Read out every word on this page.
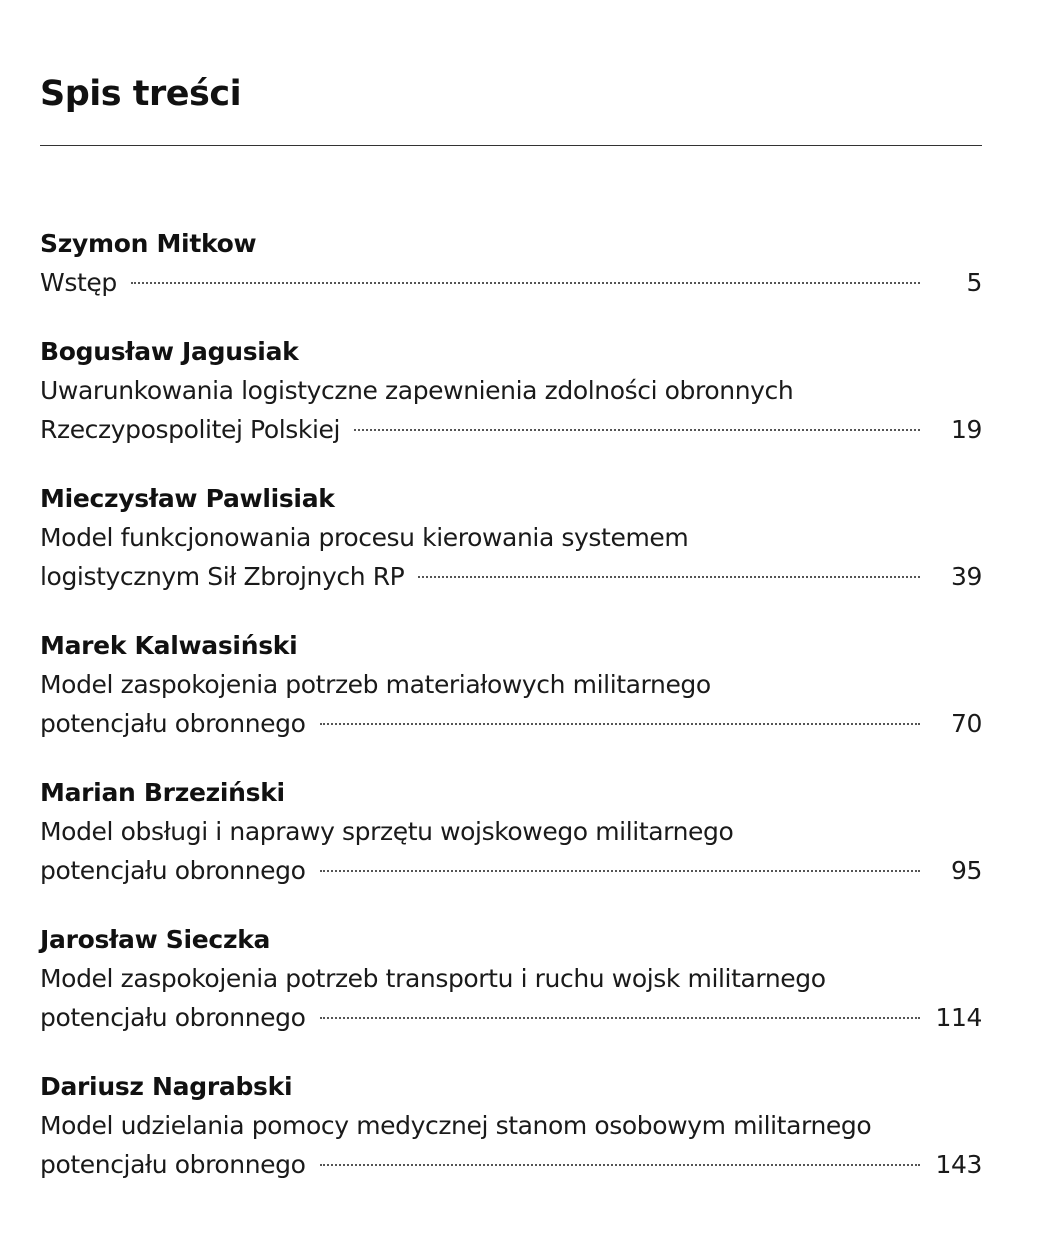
Spis treści
Szymon Mitkow
Wstęp	5
Bogusław Jagusiak
Uwarunkowania logistyczne zapewnienia zdolności obronnych
Rzeczypospolitej Polskiej	19
Mieczysław Pawlisiak
Model funkcjonowania procesu kierowania systemem
logistycznym Sił Zbrojnych RP	39
Marek Kalwasiński
Model zaspokojenia potrzeb materiałowych militarnego
potencjału obronnego	70
Marian Brzeziński
Model obsługi i naprawy sprzętu wojskowego militarnego
potencjału obronnego	95
Jarosław Sieczka
Model zaspokojenia potrzeb transportu i ruchu wojsk militarnego
potencjału obronnego	114
Dariusz Nagrabski
Model udzielania pomocy medycznej stanom osobowym militarnego
potencjału obronnego	143
